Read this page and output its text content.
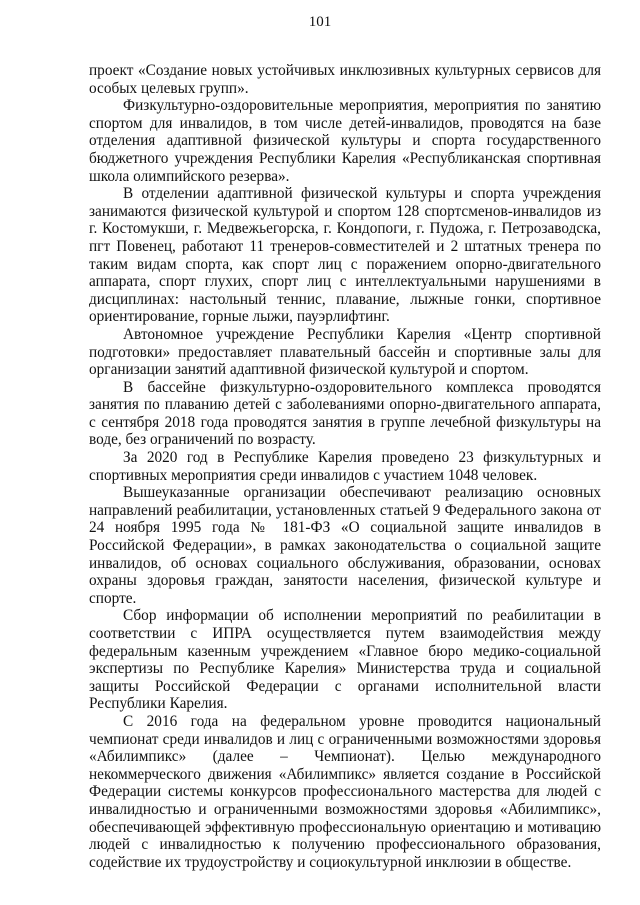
101

проект «Создание новых устойчивых инклюзивных культурных сервисов для особых целевых групп».

Физкультурно-оздоровительные мероприятия, мероприятия по занятию спортом для инвалидов, в том числе детей-инвалидов, проводятся на базе отделения адаптивной физической культуры и спорта государственного бюджетного учреждения Республики Карелия «Республиканская спортивная школа олимпийского резерва».

В отделении адаптивной физической культуры и спорта учреждения занимаются физической культурой и спортом 128 спортсменов-инвалидов из г. Костомукши, г. Медвежьегорска, г. Кондопоги, г. Пудожа, г. Петрозаводска, пгт Повенец, работают 11 тренеров-совместителей и 2 штатных тренера по таким видам спорта, как спорт лиц с поражением опорно-двигательного аппарата, спорт глухих, спорт лиц с интеллектуальными нарушениями в дисциплинах: настольный теннис, плавание, лыжные гонки, спортивное ориентирование, горные лыжи, пауэрлифтинг.

Автономное учреждение Республики Карелия «Центр спортивной подготовки» предоставляет плавательный бассейн и спортивные залы для организации занятий адаптивной физической культурой и спортом.

В бассейне физкультурно-оздоровительного комплекса проводятся занятия по плаванию детей с заболеваниями опорно-двигательного аппарата, с сентября 2018 года проводятся занятия в группе лечебной физкультуры на воде, без ограничений по возрасту.

За 2020 год в Республике Карелия проведено 23 физкультурных и спортивных мероприятия среди инвалидов с участием 1048 человек.

Вышеуказанные организации обеспечивают реализацию основных направлений реабилитации, установленных статьей 9 Федерального закона от 24 ноября 1995 года № 181-ФЗ «О социальной защите инвалидов в Российской Федерации», в рамках законодательства о социальной защите инвалидов, об основах социального обслуживания, образовании, основах охраны здоровья граждан, занятости населения, физической культуре и спорте.

Сбор информации об исполнении мероприятий по реабилитации в соответствии с ИПРА осуществляется путем взаимодействия между федеральным казенным учреждением «Главное бюро медико-социальной экспертизы по Республике Карелия» Министерства труда и социальной защиты Российской Федерации с органами исполнительной власти Республики Карелия.

С 2016 года на федеральном уровне проводится национальный чемпионат среди инвалидов и лиц с ограниченными возможностями здоровья «Абилимпикс» (далее – Чемпионат). Целью международного некоммерческого движения «Абилимпикс» является создание в Российской Федерации системы конкурсов профессионального мастерства для людей с инвалидностью и ограниченными возможностями здоровья «Абилимпикс», обеспечивающей эффективную профессиональную ориентацию и мотивацию людей с инвалидностью к получению профессионального образования, содействие их трудоустройству и социокультурной инклюзии в обществе.
